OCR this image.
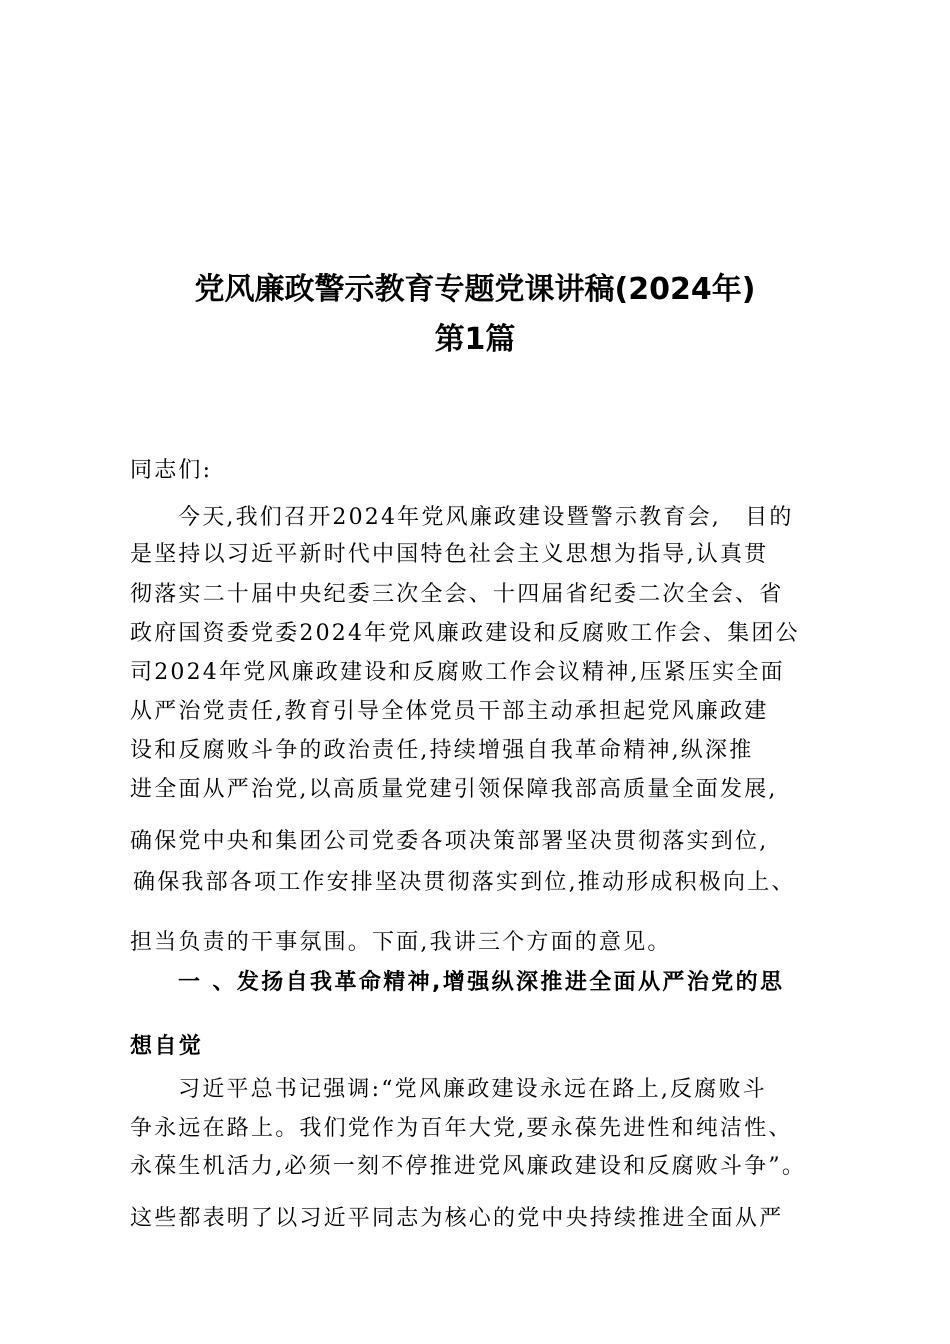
党风廉政警示教育专题党课讲稿(2024年)
第1篇
同志们:
今天,我们召开2024年党风廉政建设暨警示教育会,　目的
是坚持以习近平新时代中国特色社会主义思想为指导,认真贯
彻落实二十届中央纪委三次全会、十四届省纪委二次全会、省
政府国资委党委2024年党风廉政建设和反腐败工作会、集团公
司2024年党风廉政建设和反腐败工作会议精神,压紧压实全面
从严治党责任,教育引导全体党员干部主动承担起党风廉政建
设和反腐败斗争的政治责任,持续增强自我革命精神,纵深推
进全面从严治党,以高质量党建引领保障我部高质量全面发展,
确保党中央和集团公司党委各项决策部署坚决贯彻落实到位,
确保我部各项工作安排坚决贯彻落实到位,推动形成积极向上、
担当负责的干事氛围。下面,我讲三个方面的意见。
一 、发扬自我革命精神,增强纵深推进全面从严治党的思
想自觉
习近平总书记强调:“党风廉政建设永远在路上,反腐败斗
争永远在路上。我们党作为百年大党,要永葆先进性和纯洁性、
永葆生机活力,必须一刻不停推进党风廉政建设和反腐败斗争”。
这些都表明了以习近平同志为核心的党中央持续推进全面从严
